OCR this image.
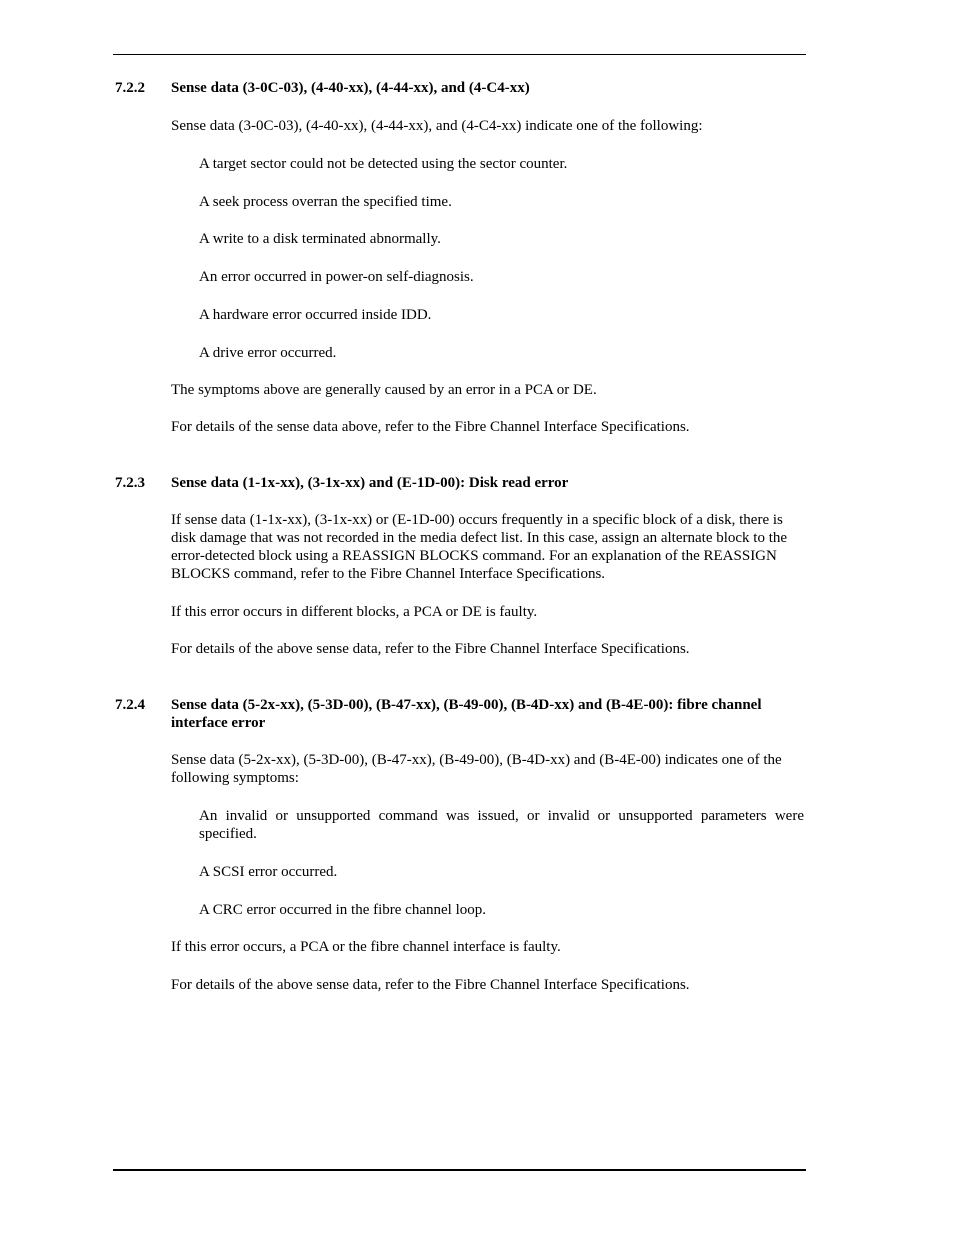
7.2.2 Sense data (3-0C-03), (4-40-xx), (4-44-xx), and (4-C4-xx)

Sense data (3-0C-03), (4-40-xx), (4-44-xx), and (4-C4-xx) indicate one of the following:

A target sector could not be detected using the sector counter.

A seek process overran the specified time.

A write to a disk terminated abnormally.

An error occurred in power-on self-diagnosis.

A hardware error occurred inside IDD.

A drive error occurred.

The symptoms above are generally caused by an error in a PCA or DE.

For details of the sense data above, refer to the Fibre Channel Interface Specifications.

7.2.3 Sense data (1-1x-xx), (3-1x-xx) and (E-1D-00): Disk read error

If sense data (1-1x-xx), (3-1x-xx) or (E-1D-00) occurs frequently in a specific block of a disk, there is disk damage that was not recorded in the media defect list. In this case, assign an alternate block to the error-detected block using a REASSIGN BLOCKS command. For an explanation of the REASSIGN BLOCKS command, refer to the Fibre Channel Interface Specifications.

If this error occurs in different blocks, a PCA or DE is faulty.

For details of the above sense data, refer to the Fibre Channel Interface Specifications.

7.2.4 Sense data (5-2x-xx), (5-3D-00), (B-47-xx), (B-49-00), (B-4D-xx) and (B-4E-00): fibre channel interface error

Sense data (5-2x-xx), (5-3D-00), (B-47-xx), (B-49-00), (B-4D-xx) and (B-4E-00) indicates one of the following symptoms:

An invalid or unsupported command was issued, or invalid or unsupported parameters were specified.

A SCSI error occurred.

A CRC error occurred in the fibre channel loop.

If this error occurs, a PCA or the fibre channel interface is faulty.

For details of the above sense data, refer to the Fibre Channel Interface Specifications.
